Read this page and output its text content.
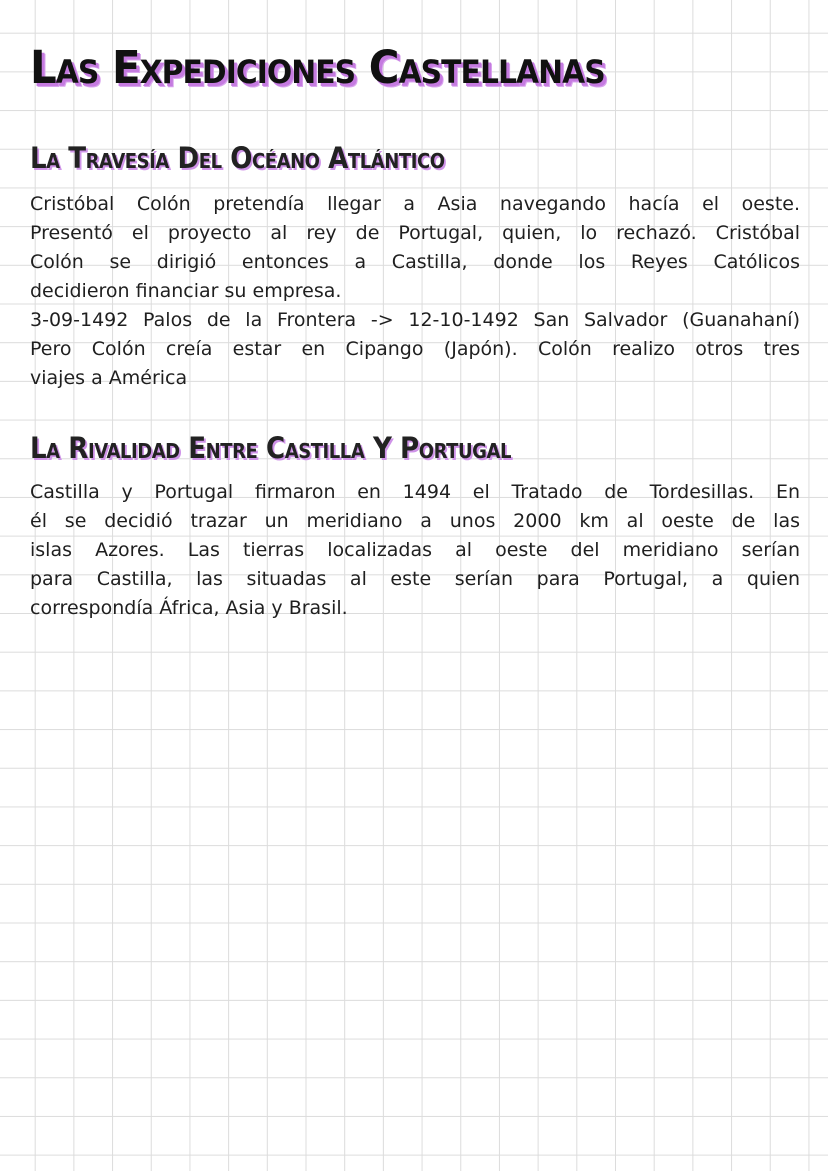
Las Expediciones Castellanas
La Travesía Del Océano Atlántico
Cristóbal Colón pretendía llegar a Asia navegando hacía el oeste.
Presentó el proyecto al rey de Portugal, quien, lo rechazó. Cristóbal
Colón se dirigió entonces a Castilla, donde los Reyes Católicos
decidieron financiar su empresa.
3-09-1492 Palos de la Frontera -> 12-10-1492 San Salvador (Guanahaní)
Pero Colón creía estar en Cipango (Japón). Colón realizo otros tres
viajes a América
La Rivalidad Entre Castilla Y Portugal
Castilla y Portugal firmaron en 1494 el Tratado de Tordesillas. En
él se decidió trazar un meridiano a unos 2000 km al oeste de las
islas Azores. Las tierras localizadas al oeste del meridiano serían
para Castilla, las situadas al este serían para Portugal, a quien
correspondía África, Asia y Brasil.
